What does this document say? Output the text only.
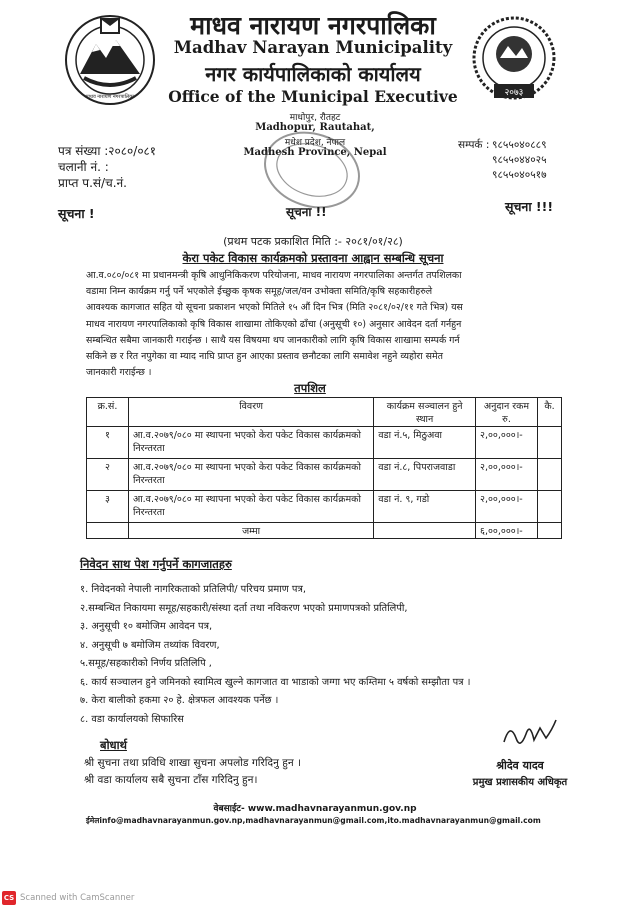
माधव नारायण नगरपालिका	२०७३
माधव नारायण नगरपालिका
Madhav Narayan Municipality
नगर कार्यपालिकाको कार्यालय
Office of the Municipal Executive
माधोपुर, रौतहट
Madhopur, Rautahat,
मधेश प्रदेश, नेपाल
Madhesh Province, Nepal
पत्र संख्या :२०८०/०८१
चलानी नं. :
प्राप्त प.सं/च.नं.
सम्पर्क : ९८५५०४०८८९
९८५५०४४०२५
९८५५०४०५१७
सूचना !	सूचना !!	सूचना !!!
(प्रथम पटक प्रकाशित मिति :- २०८१/०१/२८)
केरा पकेट विकास कार्यक्रमको प्रस्तावना आह्वान सम्बन्धि सूचना
आ.व.०८०/०८१ मा प्रधानमन्त्री कृषि आधुनिकिकरण परियोजना, माधव नारायण नगरपालिका अन्तर्गत तपशिलका
वडामा निम्न कार्यक्रम गर्नु पर्ने भएकोले ईच्छुक कृषक समूह/जल/वन उभोक्ता समिति/कृषि सहकारीहरुले
आवश्यक कागजात सहित यो सूचना प्रकाशन भएको मितिले १५ औं दिन भित्र (मिति २०८१/०२/११ गते भित्र) यस
माधव नारायण नगरपालिकाको कृषि विकास शाखामा तोकिएको ढाँचा (अनुसूची १०) अनुसार आवेदन दर्ता गर्नहुन
सम्बन्धित सबैमा जानकारी गराईन्छ । साथै यस विषयमा थप जानकारीको लागि कृषि विकास शाखामा सम्पर्क गर्न
सकिने छ र रित नपुगेका वा म्याद नाघि प्राप्त हुन आएका प्रस्ताव छनौटका लागि समावेश नहुने व्यहोरा समेत
जानकारी गराईन्छ ।
तपशिल
क्र.सं.	विवरण	कार्यक्रम सञ्चालन हुने स्थान	अनुदान रकम रु.	कै.
१	आ.व.२०७९/०८० मा स्थापना भएको केरा पकेट विकास कार्यक्रमको निरन्तरता	वडा नं.५, मिठुअवा	२,००,०००।-	
२	आ.व.२०७९/०८० मा स्थापना भएको केरा पकेट विकास कार्यक्रमको निरन्तरता	वडा नं.८, पिपराजवाडा	२,००,०००।-	
३	आ.व.२०७९/०८० मा स्थापना भएको केरा पकेट विकास कार्यक्रमको निरन्तरता	वडा नं. ९, गडो	२,००,०००।-	
	जम्मा		६,००,०००।-	
निवेदन साथ पेश गर्नुपर्ने कागजातहरु
१. निवेदनको नेपाली नागरिकताको प्रतिलिपी/ परिचय प्रमाण पत्र,
२.सम्बन्धित निकायमा समूह/सहकारी/संस्था दर्ता तथा नविकरण भएको प्रमाणपत्रको प्रतिलिपी,
३. अनुसूची १० बमोजिम आवेदन पत्र,
४. अनुसूची ७ बमोजिम तथ्यांक विवरण,
५.समूह/सहकारीको निर्णय प्रतिलिपि ,
६. कार्य सञ्चालन हुने जमिनको स्वामित्व खुल्ने कागजात वा भाडाको जग्गा भए कम्तिमा ५ वर्षको सम्झौता पत्र ।
७. केरा बालीको हकमा २० हे. क्षेत्रफल आवश्यक पर्नेछ ।
८. वडा कार्यालयको सिफारिस
बोधार्थ
श्री सुचना तथा प्रविधि शाखा सुचना अपलोड गरिदिनु हुन ।
श्री वडा कार्यालय सबै सुचना टाँस गरिदिनु हुन।
श्रीदेव यादव
प्रमुख प्रशासकीय अधिकृत
वेबसाईट- www.madhavnarayanmun.gov.np
ईमेलinfo@madhavnarayanmun.gov.np,madhavnarayanmun@gmail.com,ito.madhavnarayanmun@gmail.com
CS Scanned with CamScanner
